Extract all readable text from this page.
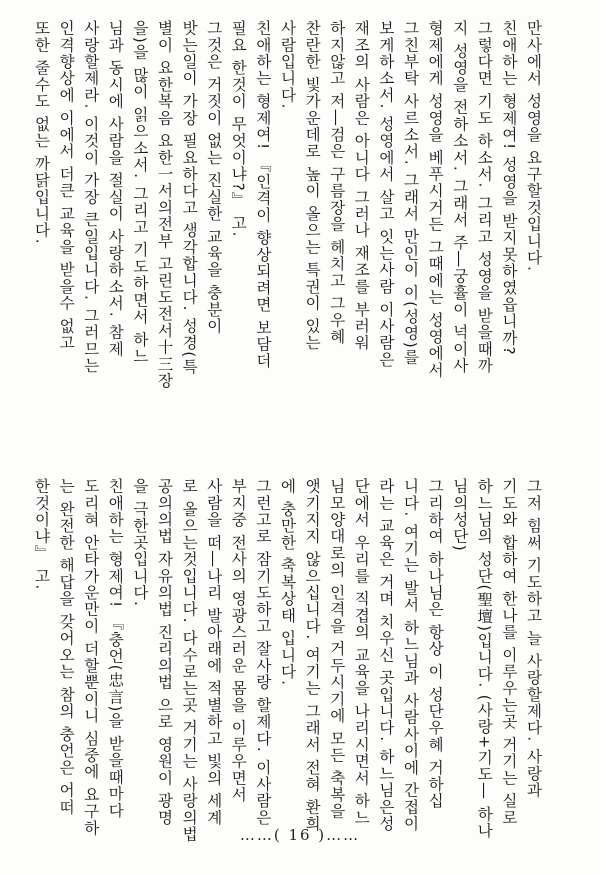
만사에서 성영을 요구할것입니다.
친애하는 형제여! 성영을 받지못하였읍니까?
그렇다면 기도 하소서. 그리고 성영을 받을때까
지 성영을 전하소서. 그래서 주―궁휼이 넉이사
형제에게 성영을 베푸시거든 그때에는 성영에서
그친부탁 사르소서. 그래서 만인이 이(성영)를
보게하소서. 성영에서 살고 잇는사람 이사람은
재조의 사람은 아니다 그러나 재조를 부러워
하지않고 저―검은 구름장을 헤치고 그우혜
찬란한 빛가운데로 높이 올으는 특권이 있는
사람입니다.
친애하는 형제여! 『인격이 향상되려면 보담더
필요 한것이 무엇이냐?』 고.
그것은 거짓이 없는 진실한 교육을 충분이
밧는일이 가장 필요하다고 생각합니다. 성경(특
별이 요한복음 요한一서의전부 고린도전서十三장
을)을 많이 읽으소서. 그리고 기도하면서 하느
님과 동시에 사람을 절실이 사랑하소서. 참제
사랑할제라. 이것이 가장 큰일입니다. 그러므는
인격향상에 이에서 더큰 교육을 받을수 없고
또한 줄수도 없는 까닭입니다.
그저 힘써 기도하고 늘 사랑할제다. 사랑과
기도와 합하여 한나를 이루우는곳 거기는 실로
하느님의 성단(聖壇)입니다. (사랑+기도― 하나
님의성단)
그리하여 하나님은 항상 이 성단우혜 거하십
니다. 여기는 발서 하느님과 사람사이에 간접이
라는 교육은 거며 치우신 곳입니다. 하느님은성
단에서 우리를 직겹의 교육을 나리시면서 하느
님모양대로의 인격을 거두시기에 모든 축복을
앳기지지 않으십니다. 여기는 그래서 전혀 환희
에 충만한 축복상태 입니다.
그런고로 잠기도하고 잘사랑 할제다. 이사람은
부지중 전사의 영광스러운 몸을 이루우면서
사람을 떠―나리 발아래에 적별하고 빛의 세계
로 올으는것입니다. 다수로는곳 거기는 사랑의법
공의의법 자유의법 진리의법 으로 영원이 광명
을 극한곳입니다.
친애하는 형제여! 『충언(忠言)을 받을때마다
도리혀 안타가운만이 더할뿐이니 심중에 요구하
는 완전한 해답을 갖어오는 참의 충언은 어떠
한것이냐』 고.
……( 16 )……
